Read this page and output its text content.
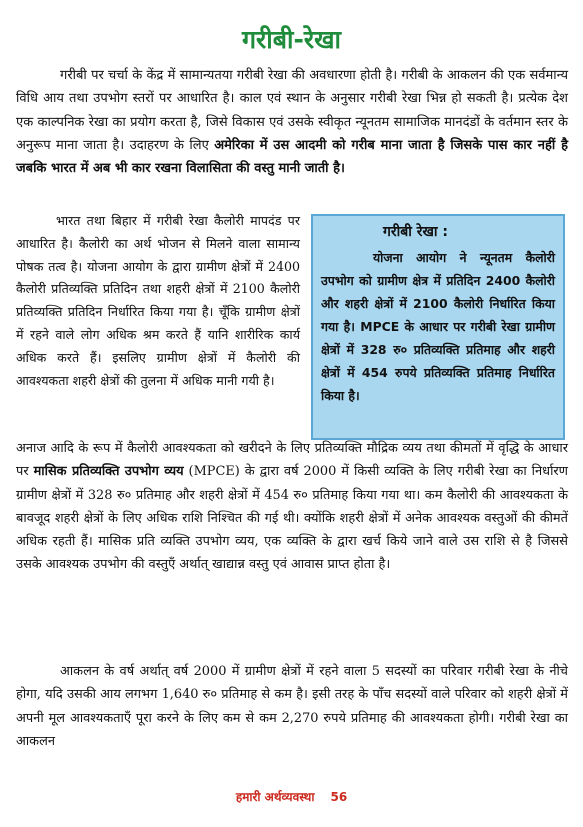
गरीबी-रेखा

गरीबी पर चर्चा के केंद्र में सामान्यतया गरीबी रेखा की अवधारणा होती है। गरीबी के आकलन की एक सर्वमान्य विधि आय तथा उपभोग स्तरों पर आधारित है। काल एवं स्थान के अनुसार गरीबी रेखा भिन्न हो सकती है। प्रत्येक देश एक काल्पनिक रेखा का प्रयोग करता है, जिसे विकास एवं उसके स्वीकृत न्यूनतम सामाजिक मानदंडों के वर्तमान स्तर के अनुरूप माना जाता है। उदाहरण के लिए अमेरिका में उस आदमी को गरीब माना जाता है जिसके पास कार नहीं है जबकि भारत में अब भी कार रखना विलासिता की वस्तु मानी जाती है।

भारत तथा बिहार में गरीबी रेखा कैलोरी मापदंड पर आधारित है। कैलोरी का अर्थ भोजन से मिलने वाला सामान्य पोषक तत्व है। योजना आयोग के द्वारा ग्रामीण क्षेत्रों में 2400 कैलोरी प्रतिव्यक्ति प्रतिदिन तथा शहरी क्षेत्रों में 2100 कैलोरी प्रतिव्यक्ति प्रतिदिन निर्धारित किया गया है। चूँकि ग्रामीण क्षेत्रों में रहने वाले लोग अधिक श्रम करते हैं यानि शारीरिक कार्य अधिक करते हैं। इसलिए ग्रामीण क्षेत्रों में कैलोरी की आवश्यकता शहरी क्षेत्रों की तुलना में अधिक मानी गयी है।

गरीबी रेखा :

योजना आयोग ने न्यूनतम कैलोरी उपभोग को ग्रामीण क्षेत्र में प्रतिदिन 2400 कैलोरी और शहरी क्षेत्रों में 2100 कैलोरी निर्धारित किया गया है। MPCE के आधार पर गरीबी रेखा ग्रामीण क्षेत्रों में 328 रु० प्रतिव्यक्ति प्रतिमाह और शहरी क्षेत्रों में 454 रुपये प्रतिव्यक्ति प्रतिमाह निर्धारित किया है।

अनाज आदि के रूप में कैलोरी आवश्यकता को खरीदने के लिए प्रतिव्यक्ति मौद्रिक व्यय तथा कीमतों में वृद्धि के आधार पर मासिक प्रतिव्यक्ति उपभोग व्यय (MPCE) के द्वारा वर्ष 2000 में किसी व्यक्ति के लिए गरीबी रेखा का निर्धारण ग्रामीण क्षेत्रों में 328 रु० प्रतिमाह और शहरी क्षेत्रों में 454 रु० प्रतिमाह किया गया था। कम कैलोरी की आवश्यकता के बावजूद शहरी क्षेत्रों के लिए अधिक राशि निश्चित की गई थी। क्योंकि शहरी क्षेत्रों में अनेक आवश्यक वस्तुओं की कीमतें अधिक रहती हैं। मासिक प्रति व्यक्ति उपभोग व्यय, एक व्यक्ति के द्वारा खर्च किये जाने वाले उस राशि से है जिससे उसके आवश्यक उपभोग की वस्तुएँ अर्थात् खाद्यान्न वस्तु एवं आवास प्राप्त होता है।

आकलन के वर्ष अर्थात् वर्ष 2000 में ग्रामीण क्षेत्रों में रहने वाला 5 सदस्यों का परिवार गरीबी रेखा के नीचे होगा, यदि उसकी आय लगभग 1,640 रु० प्रतिमाह से कम है। इसी तरह के पाँच सदस्यों वाले परिवार को शहरी क्षेत्रों में अपनी मूल आवश्यकताएँ पूरा करने के लिए कम से कम 2,270 रुपये प्रतिमाह की आवश्यकता होगी। गरीबी रेखा का आकलन

हमारी अर्थव्यवस्था 56
